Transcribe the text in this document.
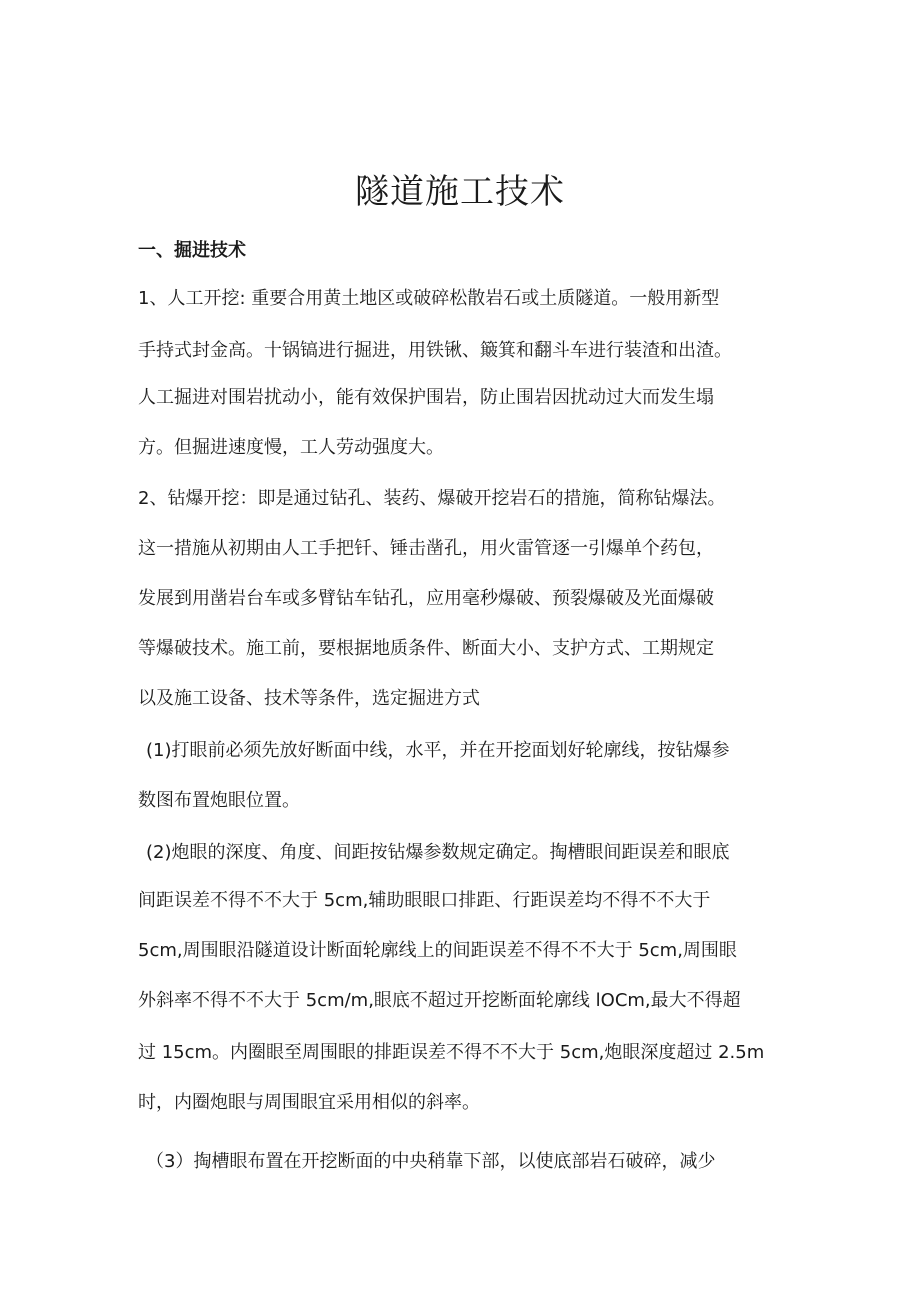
隧道施工技术
一、掘进技术

1、人工开挖: 重要合用黄土地区或破碎松散岩石或土质隧道。一般用新型

手持式封金高。十锅镐进行掘进，用铁锹、簸箕和翻斗车进行装渣和出渣。

人工掘进对围岩扰动小，能有效保护围岩，防止围岩因扰动过大而发生塌

方。但掘进速度慢，工人劳动强度大。

2、钻爆开挖：即是通过钻孔、装药、爆破开挖岩石的措施，简称钻爆法。

这一措施从初期由人工手把钎、锤击凿孔，用火雷管逐一引爆单个药包，

发展到用凿岩台车或多臂钻车钻孔，应用毫秒爆破、预裂爆破及光面爆破

等爆破技术。施工前，要根据地质条件、断面大小、支护方式、工期规定

以及施工设备、技术等条件，选定掘进方式

(1)打眼前必须先放好断面中线，水平，并在开挖面划好轮廓线，按钻爆参

数图布置炮眼位置。

(2)炮眼的深度、角度、间距按钻爆参数规定确定。掏槽眼间距误差和眼底

间距误差不得不不大于 5cm,辅助眼眼口排距、行距误差均不得不不大于

5cm,周围眼沿隧道设计断面轮廓线上的间距误差不得不不大于 5cm,周围眼

外斜率不得不不大于 5cm∕m,眼底不超过开挖断面轮廓线 lOCm,最大不得超

过 15cm。内圈眼至周围眼的排距误差不得不不大于 5cm,炮眼深度超过 2.5m

时，内圈炮眼与周围眼宜采用相似的斜率。

（3）掏槽眼布置在开挖断面的中央稍靠下部，以使底部岩石破碎，减少
